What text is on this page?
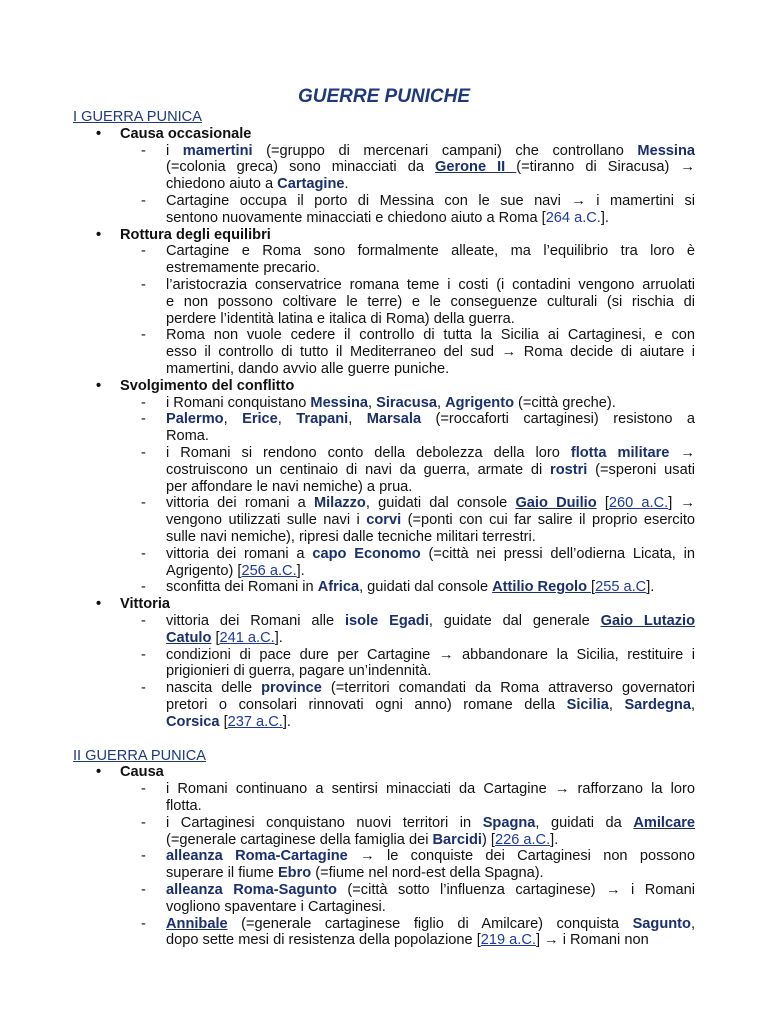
GUERRE PUNICHE
I GUERRA PUNICA
• Causa occasionale
- i mamertini (=gruppo di mercenari campani) che controllano Messina
(=colonia greca) sono minacciati da Gerone II (=tiranno di Siracusa) →
chiedono aiuto a Cartagine.
- Cartagine occupa il porto di Messina con le sue navi → i mamertini si
sentono nuovamente minacciati e chiedono aiuto a Roma [264 a.C.].
• Rottura degli equilibri
- Cartagine e Roma sono formalmente alleate, ma l’equilibrio tra loro è
estremamente precario.
- l’aristocrazia conservatrice romana teme i costi (i contadini vengono arruolati
e non possono coltivare le terre) e le conseguenze culturali (si rischia di
perdere l’identità latina e italica di Roma) della guerra.
- Roma non vuole cedere il controllo di tutta la Sicilia ai Cartaginesi, e con
esso il controllo di tutto il Mediterraneo del sud → Roma decide di aiutare i
mamertini, dando avvio alle guerre puniche.
• Svolgimento del conflitto
- i Romani conquistano Messina, Siracusa, Agrigento (=città greche).
- Palermo, Erice, Trapani, Marsala (=roccaforti cartaginesi) resistono a
Roma.
- i Romani si rendono conto della debolezza della loro flotta militare →
costruiscono un centinaio di navi da guerra, armate di rostri (=speroni usati
per affondare le navi nemiche) a prua.
- vittoria dei romani a Milazzo, guidati dal console Gaio Duilio [260 a.C.] →
vengono utilizzati sulle navi i corvi (=ponti con cui far salire il proprio esercito
sulle navi nemiche), ripresi dalle tecniche militari terrestri.
- vittoria dei romani a capo Economo (=città nei pressi dell’odierna Licata, in
Agrigento) [256 a.C.].
- sconfitta dei Romani in Africa, guidati dal console Attilio Regolo [255 a.C].
• Vittoria
- vittoria dei Romani alle isole Egadi, guidate dal generale Gaio Lutazio
Catulo [241 a.C.].
- condizioni di pace dure per Cartagine → abbandonare la Sicilia, restituire i
prigionieri di guerra, pagare un’indennità.
- nascita delle province (=territori comandati da Roma attraverso governatori
pretori o consolari rinnovati ogni anno) romane della Sicilia, Sardegna,
Corsica [237 a.C.].
II GUERRA PUNICA
• Causa
- i Romani continuano a sentirsi minacciati da Cartagine → rafforzano la loro
flotta.
- i Cartaginesi conquistano nuovi territori in Spagna, guidati da Amilcare
(=generale cartaginese della famiglia dei Barcidi) [226 a.C.].
- alleanza Roma-Cartagine → le conquiste dei Cartaginesi non possono
superare il fiume Ebro (=fiume nel nord-est della Spagna).
- alleanza Roma-Sagunto (=città sotto l’influenza cartaginese) → i Romani
vogliono spaventare i Cartaginesi.
- Annibale (=generale cartaginese figlio di Amilcare) conquista Sagunto,
dopo sette mesi di resistenza della popolazione [219 a.C.] → i Romani non
